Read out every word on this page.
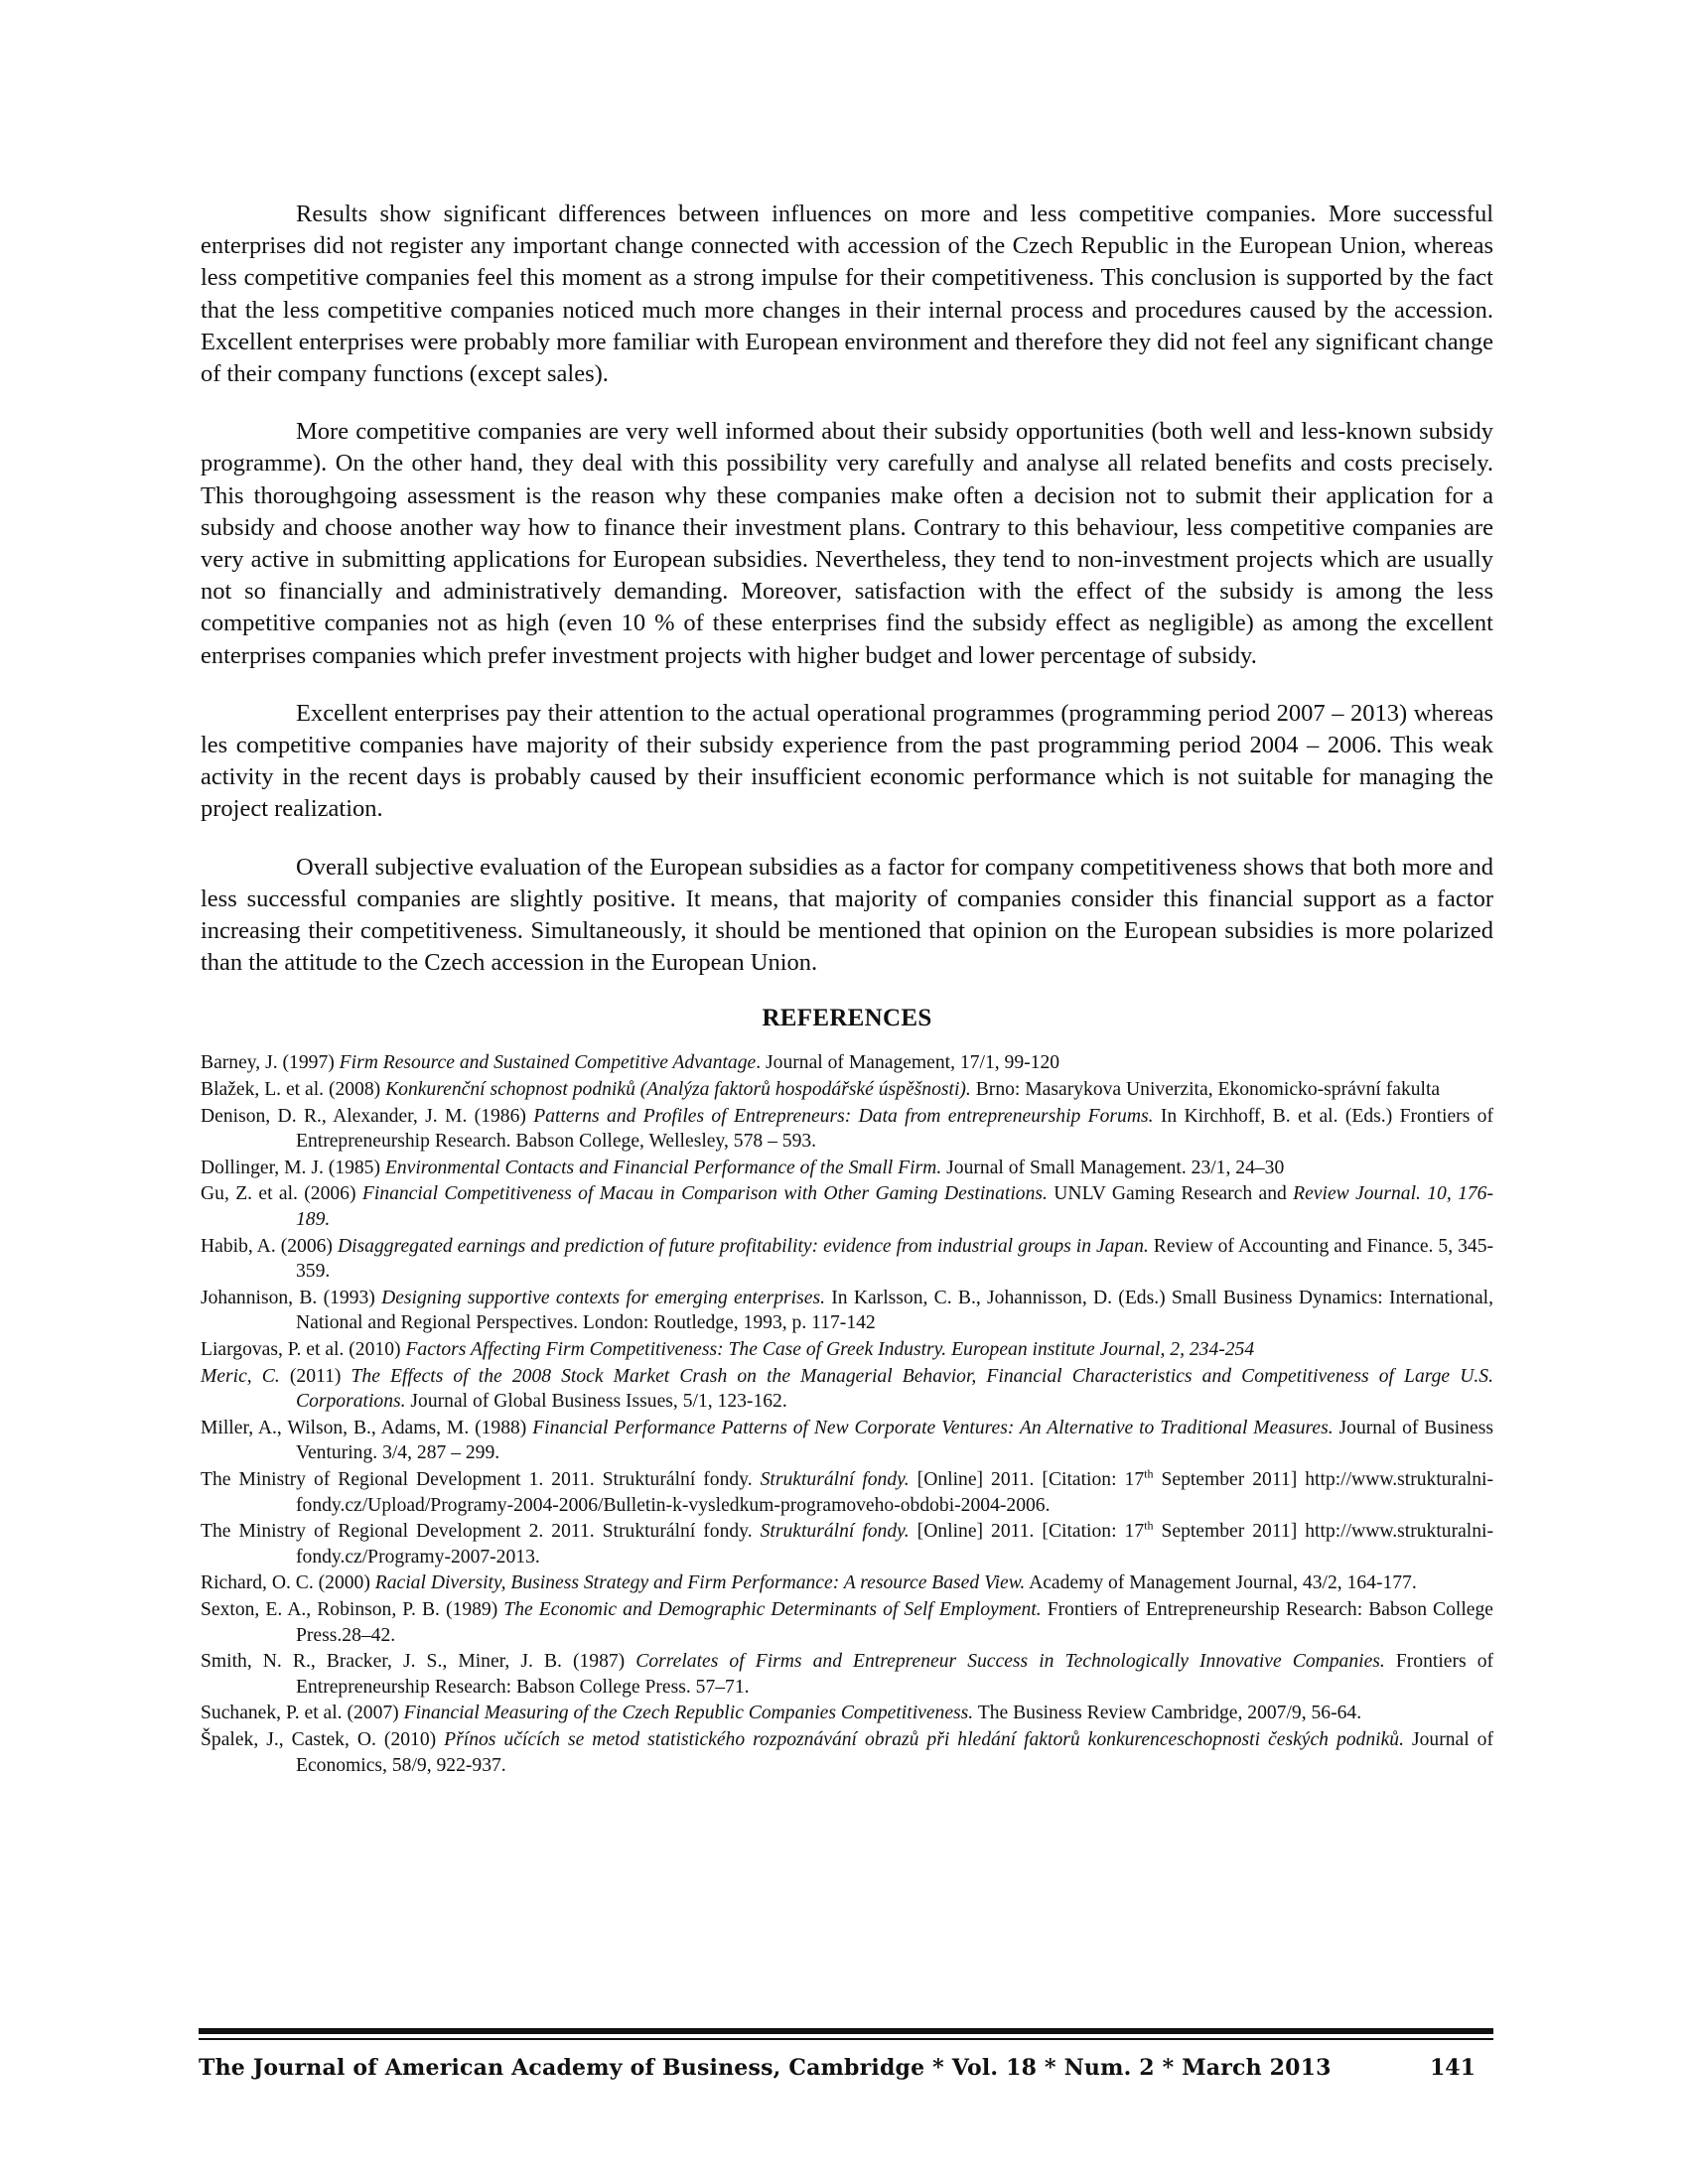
Results show significant differences between influences on more and less competitive companies. More successful enterprises did not register any important change connected with accession of the Czech Republic in the European Union, whereas less competitive companies feel this moment as a strong impulse for their competitiveness. This conclusion is supported by the fact that the less competitive companies noticed much more changes in their internal process and procedures caused by the accession. Excellent enterprises were probably more familiar with European environment and therefore they did not feel any significant change of their company functions (except sales).

More competitive companies are very well informed about their subsidy opportunities (both well and less-known subsidy programme). On the other hand, they deal with this possibility very carefully and analyse all related benefits and costs precisely. This thoroughgoing assessment is the reason why these companies make often a decision not to submit their application for a subsidy and choose another way how to finance their investment plans. Contrary to this behaviour, less competitive companies are very active in submitting applications for European subsidies. Nevertheless, they tend to non-investment projects which are usually not so financially and administratively demanding. Moreover, satisfaction with the effect of the subsidy is among the less competitive companies not as high (even 10 % of these enterprises find the subsidy effect as negligible) as among the excellent enterprises companies which prefer investment projects with higher budget and lower percentage of subsidy.

Excellent enterprises pay their attention to the actual operational programmes (programming period 2007 – 2013) whereas les competitive companies have majority of their subsidy experience from the past programming period 2004 – 2006. This weak activity in the recent days is probably caused by their insufficient economic performance which is not suitable for managing the project realization.

Overall subjective evaluation of the European subsidies as a factor for company competitiveness shows that both more and less successful companies are slightly positive. It means, that majority of companies consider this financial support as a factor increasing their competitiveness. Simultaneously, it should be mentioned that opinion on the European subsidies is more polarized than the attitude to the Czech accession in the European Union.

REFERENCES
Barney, J. (1997) Firm Resource and Sustained Competitive Advantage. Journal of Management, 17/1, 99-120
Blažek, L. et al. (2008) Konkurenční schopnost podniků (Analýza faktorů hospodářské úspěšnosti). Brno: Masarykova Univerzita, Ekonomicko-správní fakulta
Denison, D. R., Alexander, J. M. (1986) Patterns and Profiles of Entrepreneurs: Data from entrepreneurship Forums. In Kirchhoff, B. et al. (Eds.) Frontiers of Entrepreneurship Research. Babson College, Wellesley, 578 – 593.
Dollinger, M. J. (1985) Environmental Contacts and Financial Performance of the Small Firm. Journal of Small Management. 23/1, 24–30
Gu, Z. et al. (2006) Financial Competitiveness of Macau in Comparison with Other Gaming Destinations. UNLV Gaming Research and Review Journal. 10, 176-189.
Habib, A. (2006) Disaggregated earnings and prediction of future profitability: evidence from industrial groups in Japan. Review of Accounting and Finance. 5, 345-359.
Johannison, B. (1993) Designing supportive contexts for emerging enterprises. In Karlsson, C. B., Johannisson, D. (Eds.) Small Business Dynamics: International, National and Regional Perspectives. London: Routledge, 1993, p. 117-142
Liargovas, P. et al. (2010) Factors Affecting Firm Competitiveness: The Case of Greek Industry. European institute Journal, 2, 234-254
Meric, C. (2011) The Effects of the 2008 Stock Market Crash on the Managerial Behavior, Financial Characteristics and Competitiveness of Large U.S. Corporations. Journal of Global Business Issues, 5/1, 123-162.
Miller, A., Wilson, B., Adams, M. (1988) Financial Performance Patterns of New Corporate Ventures: An Alternative to Traditional Measures. Journal of Business Venturing. 3/4, 287 – 299.
The Ministry of Regional Development 1. 2011. Strukturální fondy. Strukturální fondy. [Online] 2011. [Citation: 17th September 2011] http://www.strukturalni-fondy.cz/Upload/Programy-2004-2006/Bulletin-k-vysledkum-programoveho-obdobi-2004-2006.
The Ministry of Regional Development 2. 2011. Strukturální fondy. Strukturální fondy. [Online] 2011. [Citation: 17th September 2011] http://www.strukturalni-fondy.cz/Programy-2007-2013.
Richard, O. C. (2000) Racial Diversity, Business Strategy and Firm Performance: A resource Based View. Academy of Management Journal, 43/2, 164-177.
Sexton, E. A., Robinson, P. B. (1989) The Economic and Demographic Determinants of Self Employment. Frontiers of Entrepreneurship Research: Babson College Press.28–42.
Smith, N. R., Bracker, J. S., Miner, J. B. (1987) Correlates of Firms and Entrepreneur Success in Technologically Innovative Companies. Frontiers of Entrepreneurship Research: Babson College Press. 57–71.
Suchanek, P. et al. (2007) Financial Measuring of the Czech Republic Companies Competitiveness. The Business Review Cambridge, 2007/9, 56-64.
Špalek, J., Castek, O. (2010) Přínos učících se metod statistického rozpoznávání obrazů při hledání faktorů konkurenceschopnosti českých podniků. Journal of Economics, 58/9, 922-937.
The Journal of American Academy of Business, Cambridge * Vol. 18 * Num. 2 * March 2013	141
